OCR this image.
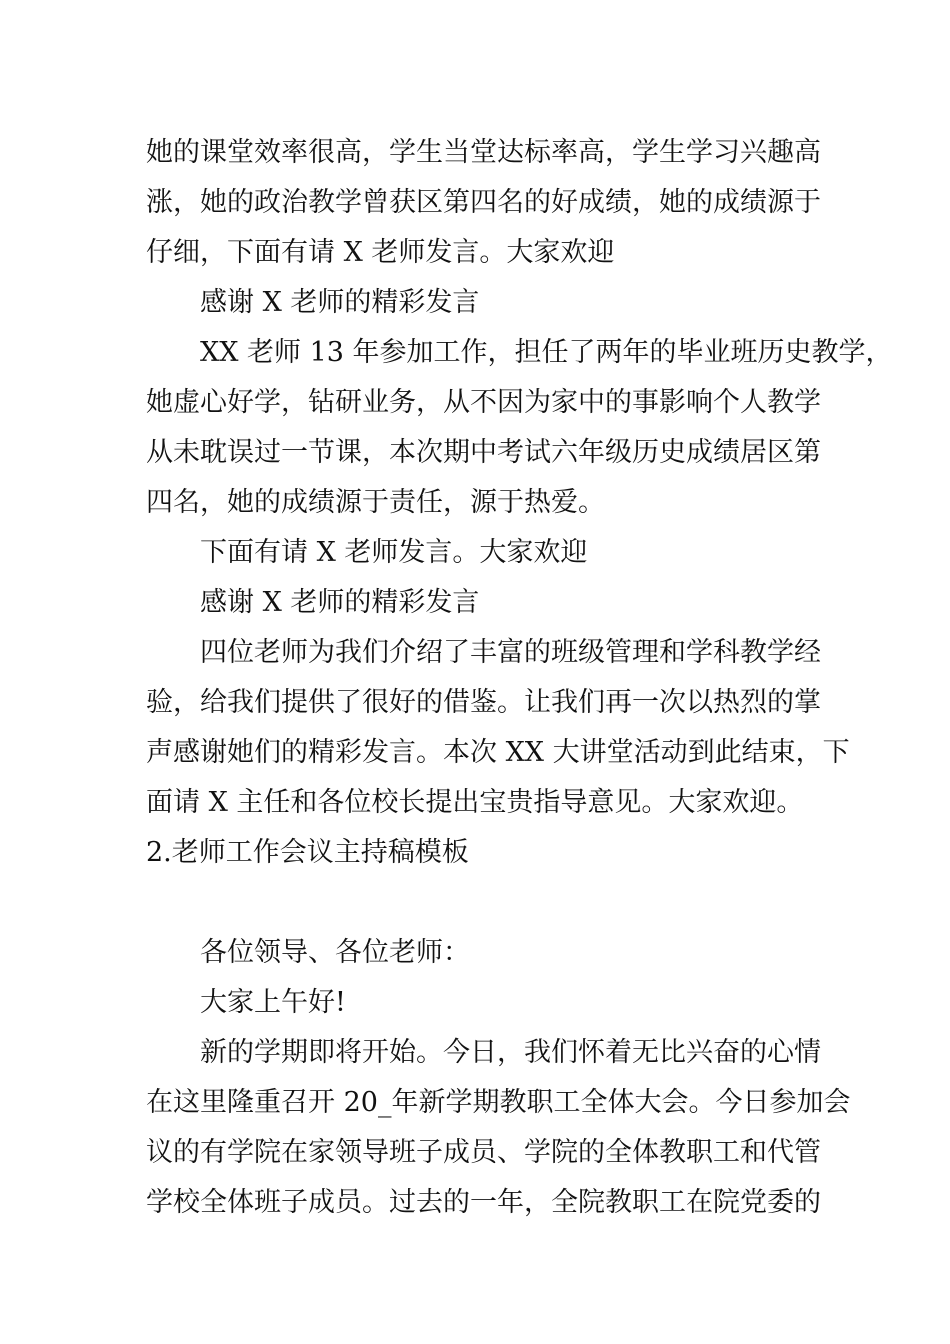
她的课堂效率很高，学生当堂达标率高，学生学习兴趣高
涨，她的政治教学曾获区第四名的好成绩，她的成绩源于
仔细，下面有请 X 老师发言。大家欢迎
感谢 X 老师的精彩发言
XX 老师 13 年参加工作，担任了两年的毕业班历史教学，
她虚心好学，钻研业务，从不因为家中的事影响个人教学
从未耽误过一节课，本次期中考试六年级历史成绩居区第
四名，她的成绩源于责任，源于热爱。
下面有请 X 老师发言。大家欢迎
感谢 X 老师的精彩发言
四位老师为我们介绍了丰富的班级管理和学科教学经
验，给我们提供了很好的借鉴。让我们再一次以热烈的掌
声感谢她们的精彩发言。本次 XX 大讲堂活动到此结束，下
面请 X 主任和各位校长提出宝贵指导意见。大家欢迎。
2.老师工作会议主持稿模板
各位领导、各位老师：
大家上午好!
新的学期即将开始。今日，我们怀着无比兴奋的心情
在这里隆重召开 20_年新学期教职工全体大会。今日参加会
议的有学院在家领导班子成员、学院的全体教职工和代管
学校全体班子成员。过去的一年，全院教职工在院党委的
